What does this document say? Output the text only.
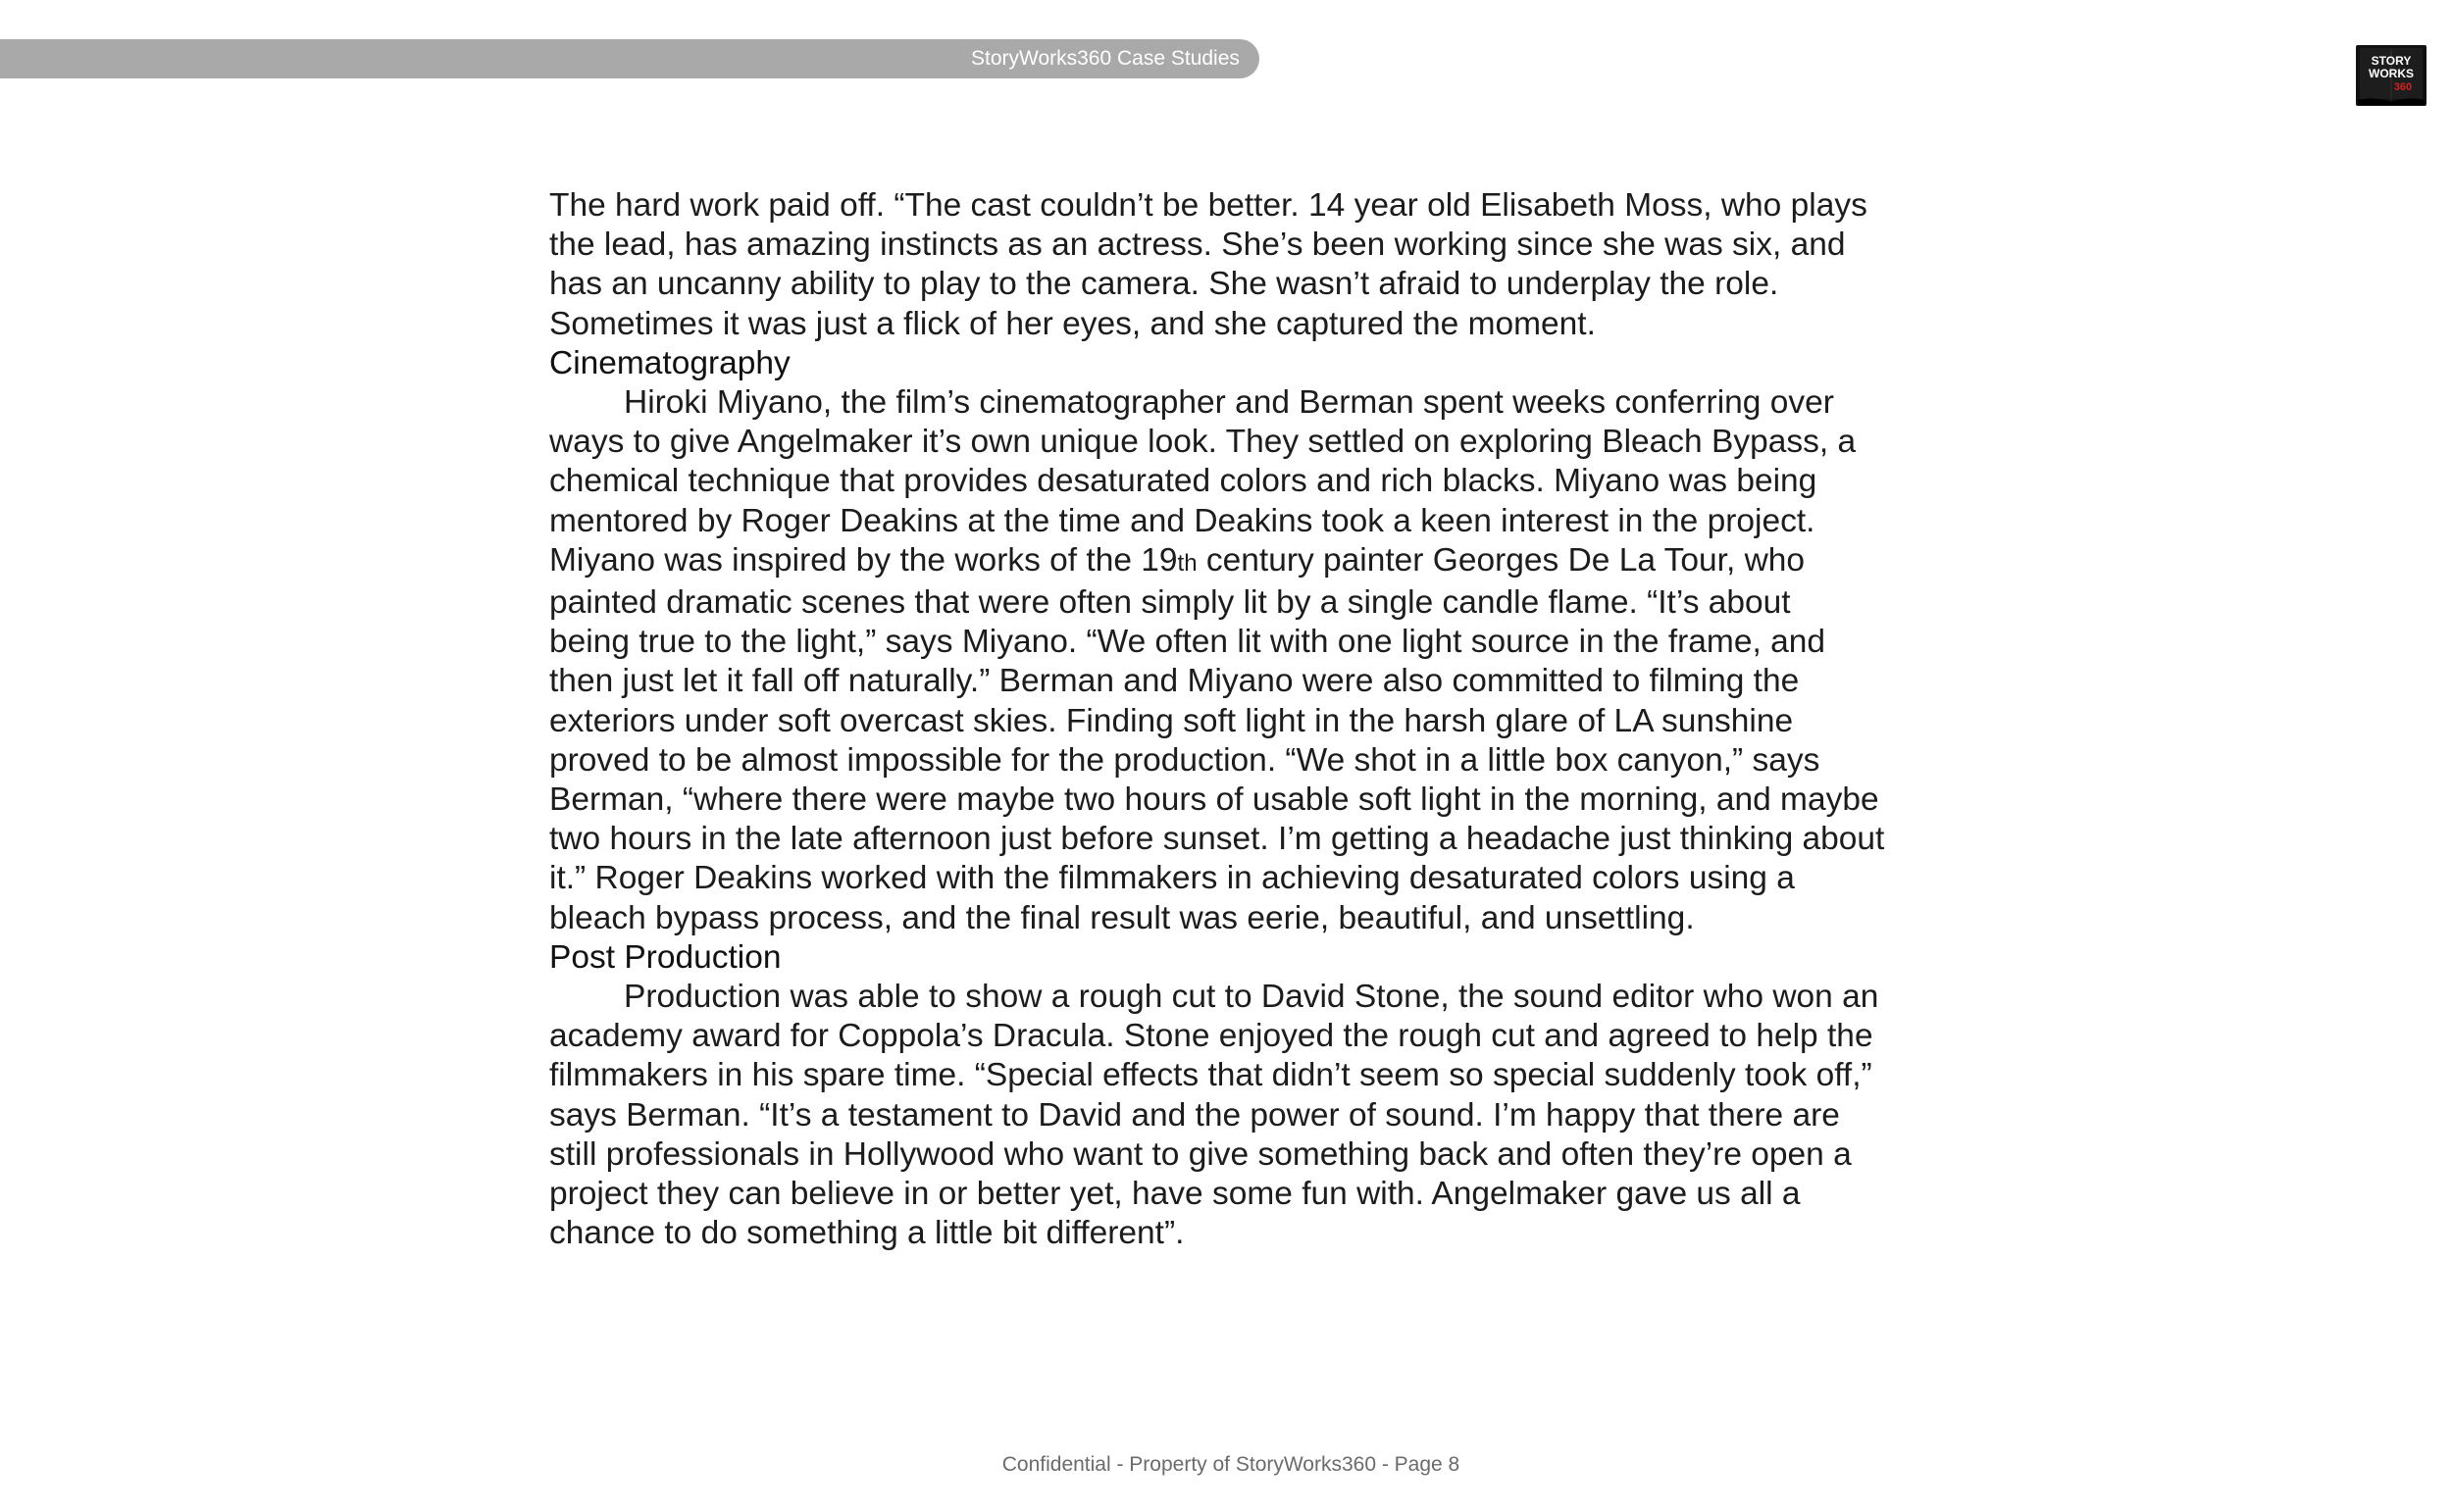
StoryWorks360 Case Studies	STORY
WORKS
360

The hard work paid off. “The cast couldn’t be better. 14 year old Elisabeth Moss, who plays

the lead, has amazing instincts as an actress. She’s been working since she was six, and

has an uncanny ability to play to the camera. She wasn’t afraid to underplay the role.

Sometimes it was just a flick of her eyes, and she captured the moment.

Cinematography

Hiroki Miyano, the film’s cinematographer and Berman spent weeks conferring over

ways to give Angelmaker it’s own unique look. They settled on exploring Bleach Bypass, a

chemical technique that provides desaturated colors and rich blacks. Miyano was being

mentored by Roger Deakins at the time and Deakins took a keen interest in the project.

Miyano was inspired by the works of the 19th century painter Georges De La Tour, who

painted dramatic scenes that were often simply lit by a single candle flame. “It’s about

being true to the light,” says Miyano. “We often lit with one light source in the frame, and

then just let it fall off naturally.” Berman and Miyano were also committed to filming the

exteriors under soft overcast skies. Finding soft light in the harsh glare of LA sunshine

proved to be almost impossible for the production. “We shot in a little box canyon,” says

Berman, “where there were maybe two hours of usable soft light in the morning, and maybe

two hours in the late afternoon just before sunset. I’m getting a headache just thinking about

it.” Roger Deakins worked with the filmmakers in achieving desaturated colors using a

bleach bypass process, and the final result was eerie, beautiful, and unsettling.

Post Production

Production was able to show a rough cut to David Stone, the sound editor who won an

academy award for Coppola’s Dracula. Stone enjoyed the rough cut and agreed to help the

filmmakers in his spare time. “Special effects that didn’t seem so special suddenly took off,”

says Berman. “It’s a testament to David and the power of sound. I’m happy that there are

still professionals in Hollywood who want to give something back and often they’re open a

project they can believe in or better yet, have some fun with. Angelmaker gave us all a

chance to do something a little bit different”.

Confidential - Property of StoryWorks360 - Page 8
